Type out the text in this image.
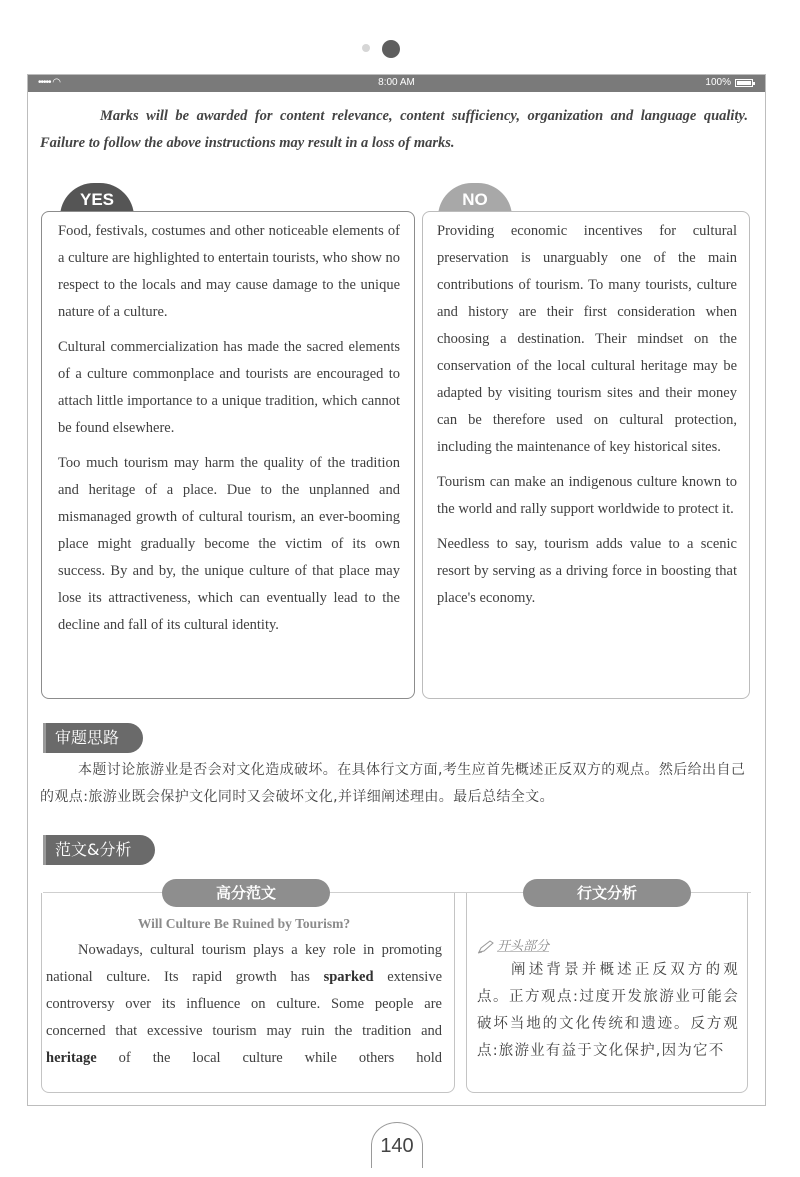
••••• ◠	8:00 AM	100%
Marks will be awarded for content relevance, content sufficiency, organization and language quality. Failure to follow the above instructions may result in a loss of marks.
YES	NO

Food, festivals, costumes and other noticeable elements of a culture are highlighted to entertain tourists, who show no respect to the locals and may cause damage to the unique nature of a culture.

Cultural commercialization has made the sacred elements of a culture commonplace and tourists are encouraged to attach little importance to a unique tradition, which cannot be found elsewhere.

Too much tourism may harm the quality of the tradition and heritage of a place. Due to the unplanned and mismanaged growth of cultural tourism, an ever-booming place might gradually become the victim of its own success. By and by, the unique culture of that place may lose its attractiveness, which can eventually lead to the decline and fall of its cultural identity.

Providing economic incentives for cultural preservation is unarguably one of the main contributions of tourism. To many tourists, culture and history are their first consideration when choosing a destination. Their mindset on the conservation of the local cultural heritage may be adapted by visiting tourism sites and their money can be therefore used on cultural protection, including the maintenance of key historical sites.

Tourism can make an indigenous culture known to the world and rally support worldwide to protect it.

Needless to say, tourism adds value to a scenic resort by serving as a driving force in boosting that place's economy.

审题思路
本题讨论旅游业是否会对文化造成破坏。在具体行文方面,考生应首先概述正反双方的观点。然后给出自己的观点:旅游业既会保护文化同时又会破坏文化,并详细阐述理由。最后总结全文。
范文&分析
高分范文	行文分析
Will Culture Be Ruined by Tourism?

Nowadays, cultural tourism plays a key role in promoting national culture. Its rapid growth has sparked extensive controversy over its influence on culture. Some people are concerned that excessive tourism may ruin the tradition and heritage of the local culture while others hold

开头部分

阐述背景并概述正反双方的观点。正方观点:过度开发旅游业可能会破坏当地的文化传统和遗迹。反方观点:旅游业有益于文化保护,因为它不

140
